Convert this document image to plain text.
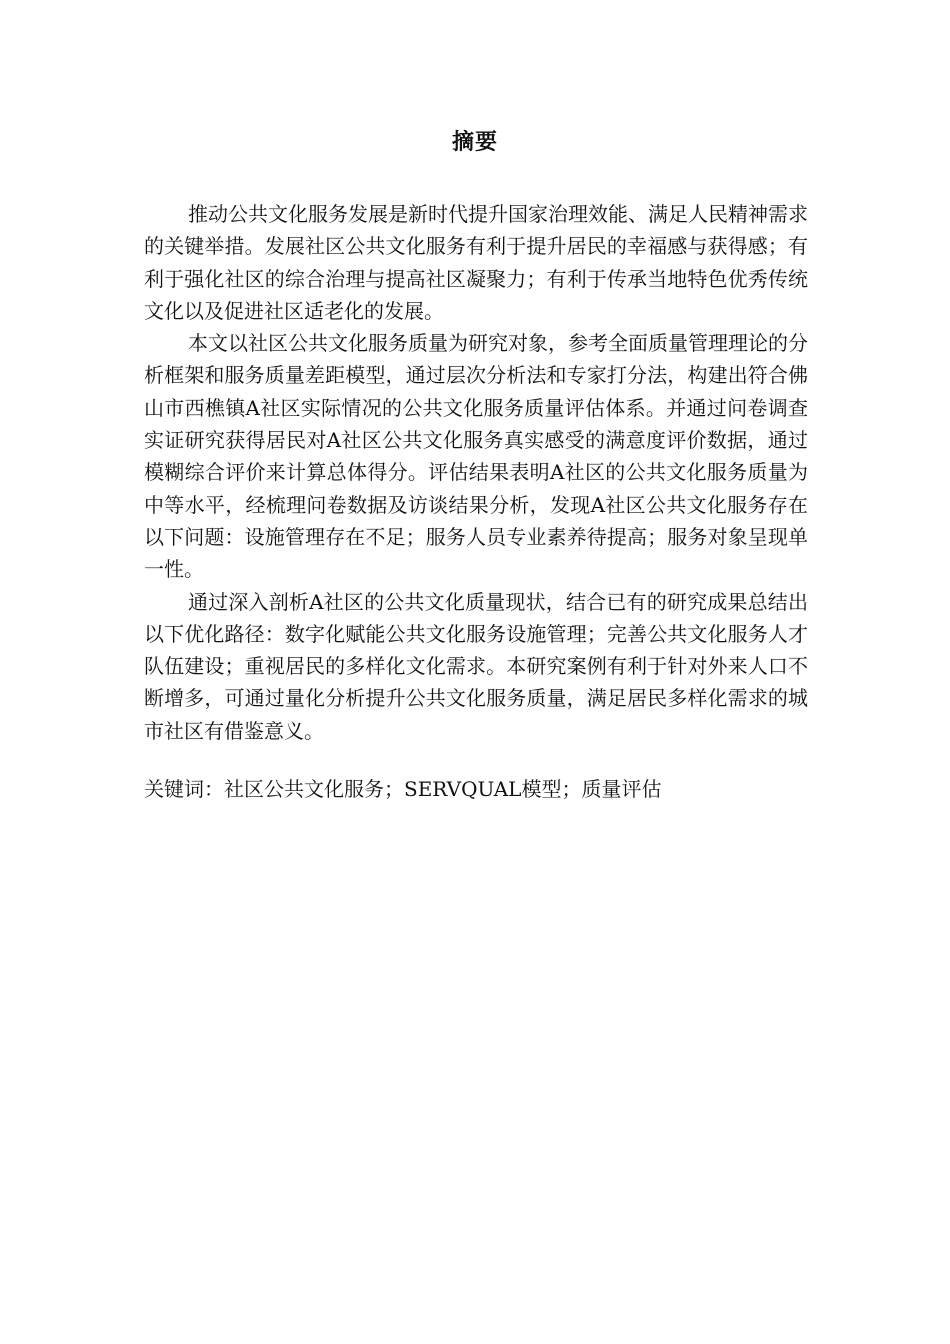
摘要

推动公共文化服务发展是新时代提升国家治理效能、满足人民精神需求的关键举措。发展社区公共文化服务有利于提升居民的幸福感与获得感；有利于强化社区的综合治理与提高社区凝聚力；有利于传承当地特色优秀传统文化以及促进社区适老化的发展。

本文以社区公共文化服务质量为研究对象，参考全面质量管理理论的分析框架和服务质量差距模型，通过层次分析法和专家打分法，构建出符合佛山市西樵镇A社区实际情况的公共文化服务质量评估体系。并通过问卷调查实证研究获得居民对A社区公共文化服务真实感受的满意度评价数据，通过模糊综合评价来计算总体得分。评估结果表明A社区的公共文化服务质量为中等水平，经梳理问卷数据及访谈结果分析，发现A社区公共文化服务存在以下问题：设施管理存在不足；服务人员专业素养待提高；服务对象呈现单一性。

通过深入剖析A社区的公共文化质量现状，结合已有的研究成果总结出以下优化路径：数字化赋能公共文化服务设施管理；完善公共文化服务人才队伍建设；重视居民的多样化文化需求。本研究案例有利于针对外来人口不断增多，可通过量化分析提升公共文化服务质量，满足居民多样化需求的城市社区有借鉴意义。

关键词：社区公共文化服务；SERVQUAL模型；质量评估
